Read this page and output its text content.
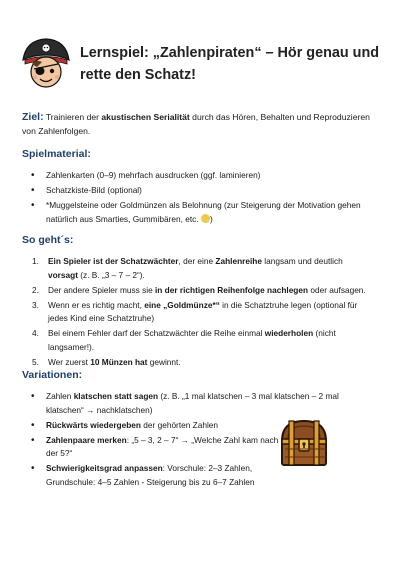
Lernspiel: „Zahlenpiraten“ – Hör genau und rette den Schatz!
Ziel: Trainieren der akustischen Serialität durch das Hören, Behalten und Reproduzieren von Zahlenfolgen.
Spielmaterial:
• Zahlenkarten (0–9) mehrfach ausdrucken (ggf. laminieren)
• Schatzkiste-Bild (optional)
• *Muggelsteine oder Goldmünzen als Belohnung (zur Steigerung der Motivation gehen natürlich aus Smarties, Gummibären, etc. )
So geht´s:
1. Ein Spieler ist der Schatzwächter, der eine Zahlenreihe langsam und deutlich vorsagt (z. B. „3 – 7 – 2“).
2. Der andere Spieler muss sie in der richtigen Reihenfolge nachlegen oder aufsagen.
3. Wenn er es richtig macht, eine „Goldmünze*“ in die Schatztruhe legen (optional für jedes Kind eine Schatztruhe)
4. Bei einem Fehler darf der Schatzwächter die Reihe einmal wiederholen (nicht langsamer!).
5. Wer zuerst 10 Münzen hat gewinnt.
Variationen:
• Zahlen klatschen statt sagen (z. B. „1 mal klatschen – 3 mal klatschen – 2 mal klatschen“ → nachklatschen)
• Rückwärts wiedergeben der gehörten Zahlen
• Zahlenpaare merken: „5 – 3, 2 – 7“ → „Welche Zahl kam nach der 5?“
• Schwierigkeitsgrad anpassen: Vorschule: 2–3 Zahlen, Grundschule: 4–5 Zahlen - Steigerung bis zu 6–7 Zahlen
